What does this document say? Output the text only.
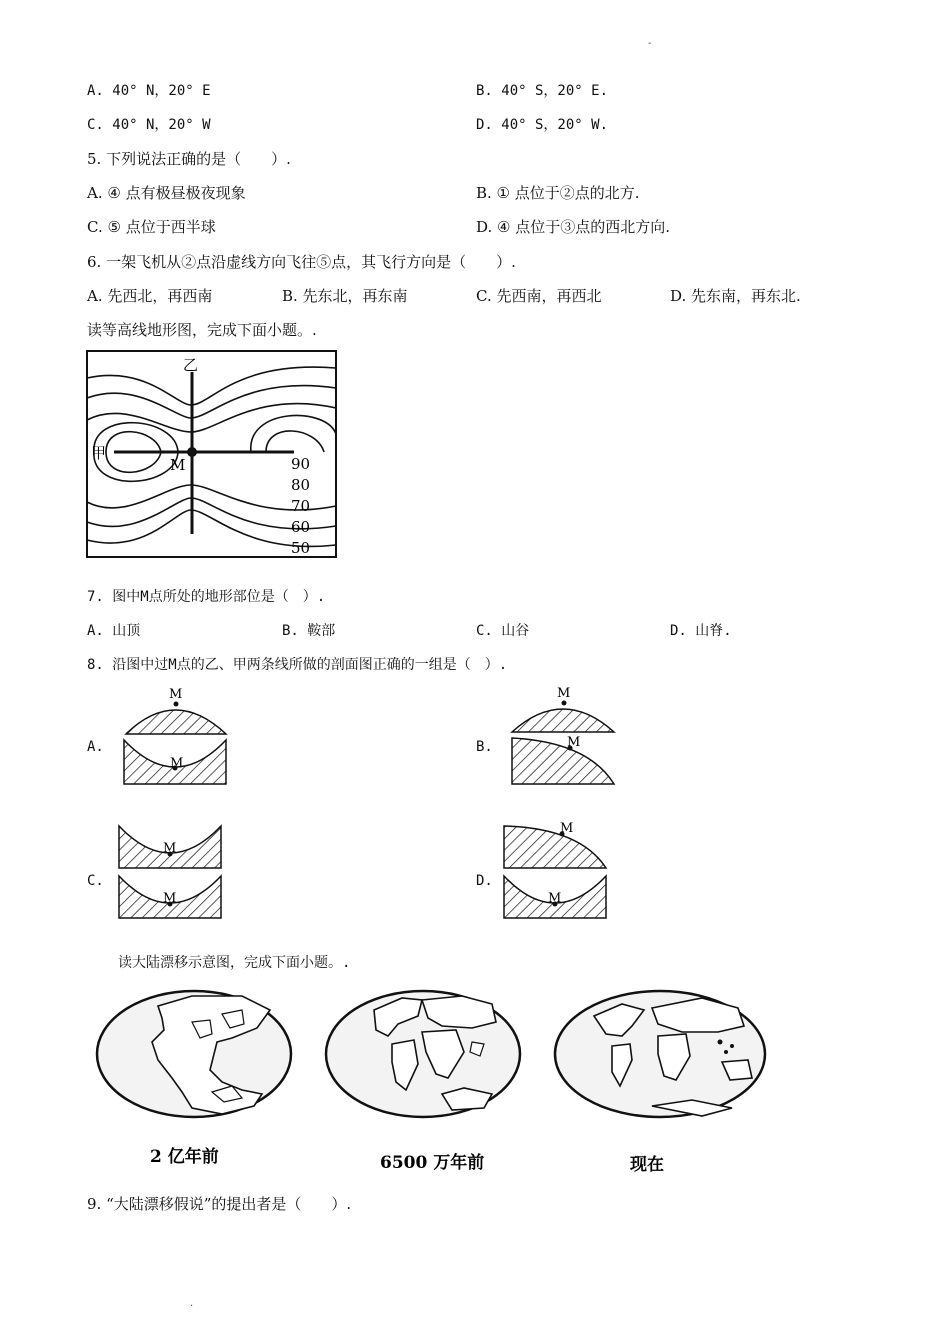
-
A. 40° N，20° E	B. 40° S，20° E.
C. 40° N，20° W	D. 40° S，20° W.
5. 下列说法正确的是（　　）.
A. ④ 点有极昼极夜现象	B. ① 点位于②点的北方.
C. ⑤ 点位于西半球	D. ④ 点位于③点的西北方向.
6. 一架飞机从②点沿虚线方向飞往⑤点，其飞行方向是（　　）.
A. 先西北，再西南	B. 先东北，再东南	C. 先西南，再西北	D. 先东南，再东北.
读等高线地形图，完成下面小题。.
乙
甲
M	90
80
70
60
50
7. 图中M点所处的地形部位是（　）.
A. 山顶	B. 鞍部	C. 山谷	D. 山脊.
8. 沿图中过M点的乙、甲两条线所做的剖面图正确的一组是（　）.
A.
M
M
B.
M
M
C.
M
M
D.
M
M
读大陆漂移示意图，完成下面小题。.
2 亿年前	6500 万年前	现在
9. “大陆漂移假说”的提出者是（　　）.
.
